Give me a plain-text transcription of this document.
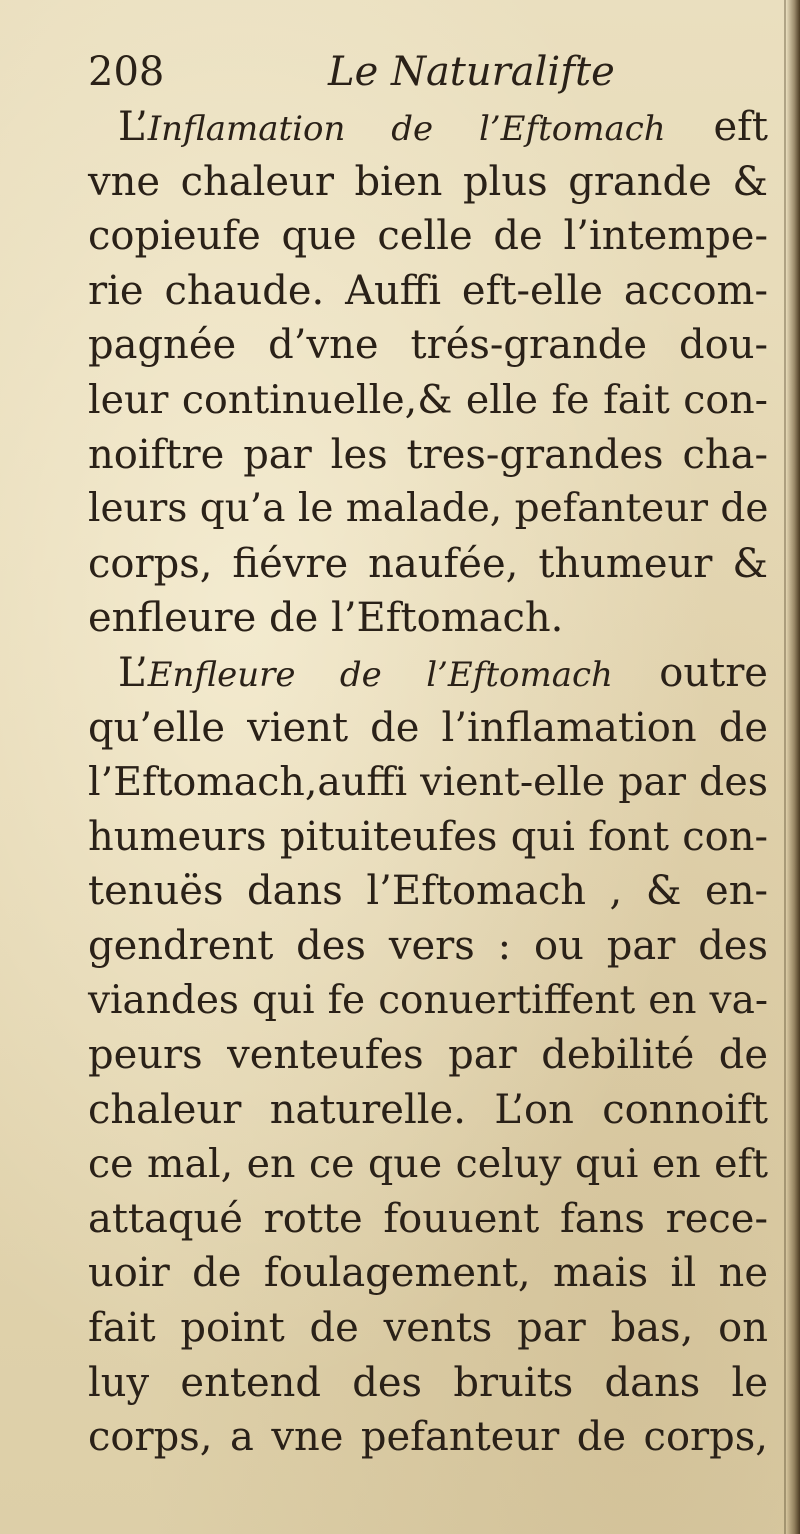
208	Le Naturalifte
L’Inflamation de l’Eftomach eft
vne chaleur bien plus grande &
copieufe que celle de l’intempe-
rie chaude. Auffi eft-elle accom-
pagnée d’vne trés-grande dou-
leur continuelle,& elle fe fait con-
noiftre par les tres-grandes cha-
leurs qu’a le malade, pefanteur de
corps, fiévre naufée, thumeur &
enfleure de l’Eftomach.
L’Enfleure de l’Eftomach outre
qu’elle vient de l’inflamation de
l’Eftomach,auffi vient-elle par des
humeurs pituiteufes qui font con-
tenuës dans l’Eftomach , & en-
gendrent des vers : ou par des
viandes qui fe conuertiffent en va-
peurs venteufes par debilité de
chaleur naturelle. L’on connoift
ce mal, en ce que celuy qui en eft
attaqué rotte fouuent fans rece-
uoir de foulagement, mais il ne
fait point de vents par bas, on
luy entend des bruits dans le
corps, a vne pefanteur de corps,
